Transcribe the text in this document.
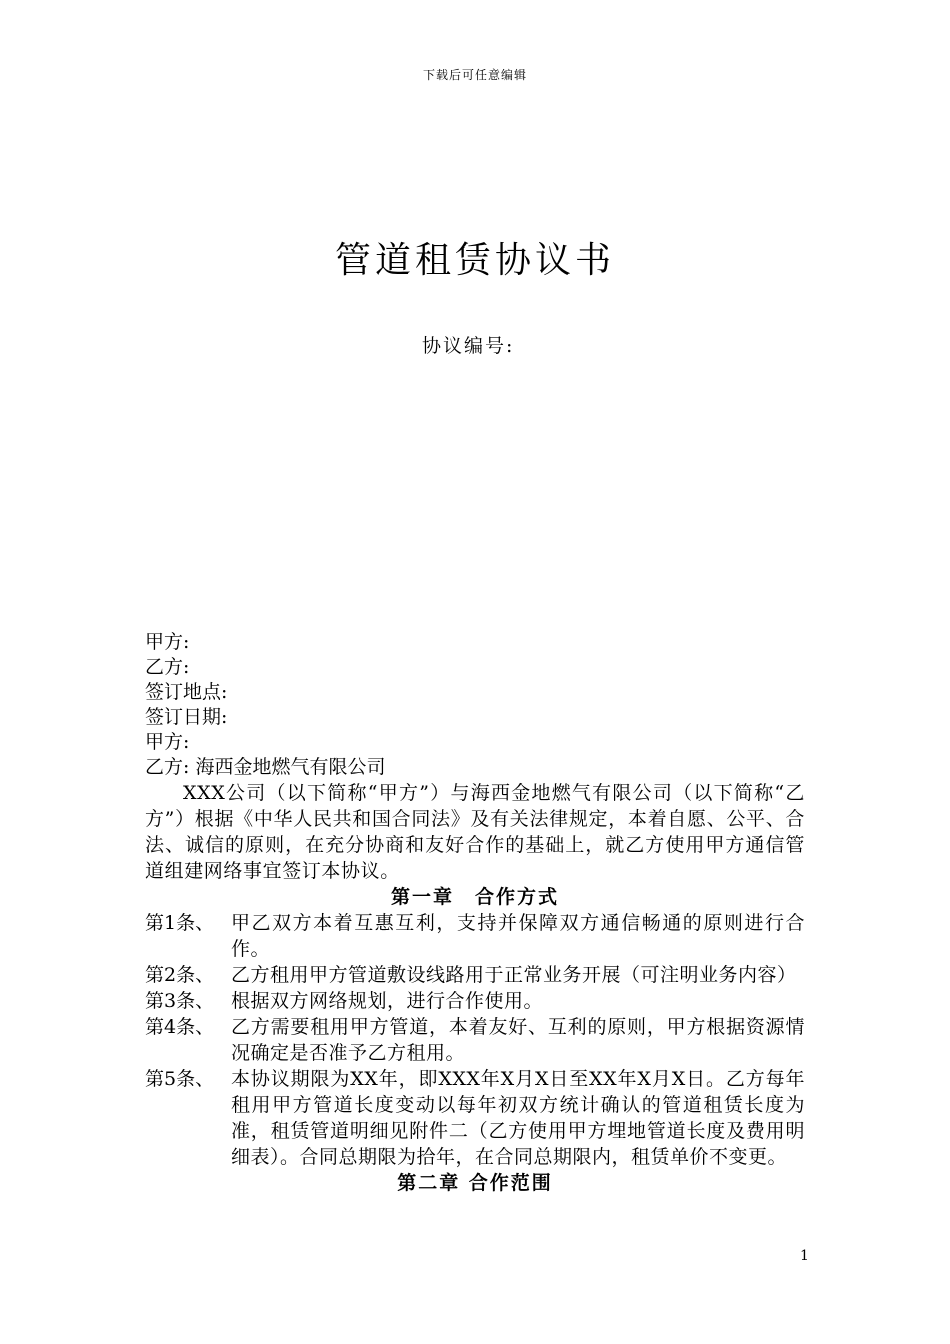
下载后可任意编辑
管道租赁协议书
协议编号:
甲方:
乙方:
签订地点:
签订日期:
甲方:
乙方: 海西金地燃气有限公司

XXX公司（以下简称“甲方”）与海西金地燃气有限公司（以下简称“乙方”）根据《中华人民共和国合同法》及有关法律规定，本着自愿、公平、合法、诚信的原则，在充分协商和友好合作的基础上，就乙方使用甲方通信管道组建网络事宜签订本协议。

第一章　合作方式

第1条、 甲乙双方本着互惠互利，支持并保障双方通信畅通的原则进行合作。
第2条、 乙方租用甲方管道敷设线路用于正常业务开展（可注明业务内容）
第3条、 根据双方网络规划，进行合作使用。
第4条、 乙方需要租用甲方管道，本着友好、互利的原则，甲方根据资源情况确定是否准予乙方租用。
第5条、 本协议期限为XX年，即XXX年X月X日至XX年X月X日。乙方每年租用甲方管道长度变动以每年初双方统计确认的管道租赁长度为准，租赁管道明细见附件二（乙方使用甲方埋地管道长度及费用明细表）。合同总期限为拾年，在合同总期限内，租赁单价不变更。

第二章 合作范围

1
